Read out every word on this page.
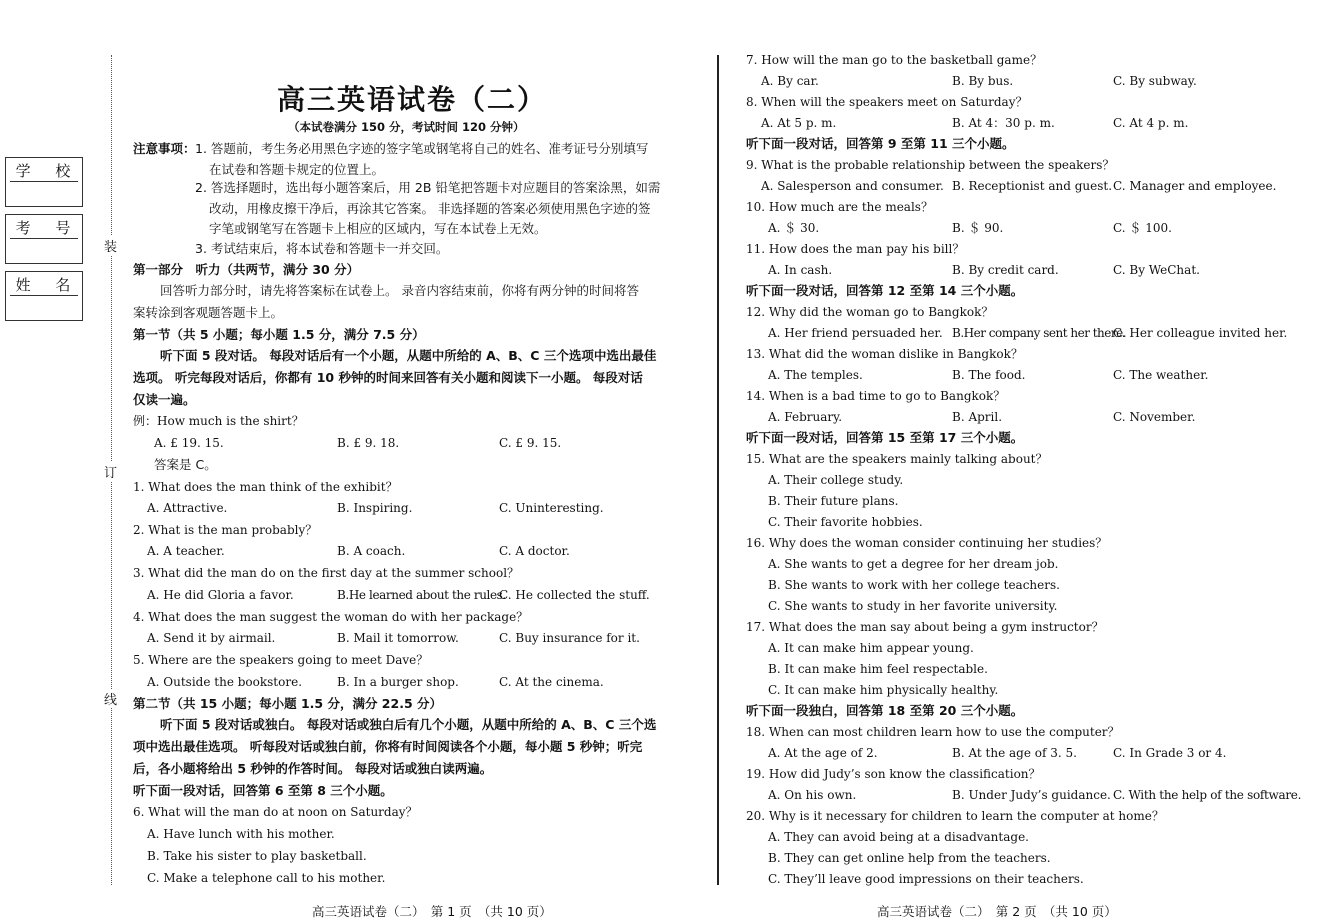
学 校
考 号
姓 名
装
订
线
高三英语试卷（二）
（本试卷满分 150 分，考试时间 120 分钟）
注意事项： 1. 答题前，考生务必用黑色字迹的签字笔或钢笔将自己的姓名、准考证号分别填写
在试卷和答题卡规定的位置上。
2. 答选择题时，选出每小题答案后，用 2B 铅笔把答题卡对应题目的答案涂黑，如需
改动，用橡皮擦干净后，再涂其它答案。 非选择题的答案必须使用黑色字迹的签
字笔或钢笔写在答题卡上相应的区域内，写在本试卷上无效。
3. 考试结束后，将本试卷和答题卡一并交回。
第一部分　听力（共两节，满分 30 分）
回答听力部分时，请先将答案标在试卷上。 录音内容结束前，你将有两分钟的时间将答
案转涂到客观题答题卡上。
第一节（共 5 小题；每小题 1.5 分，满分 7.5 分）
听下面 5 段对话。 每段对话后有一个小题，从题中所给的 A、B、C 三个选项中选出最佳
选项。 听完每段对话后，你都有 10 秒钟的时间来回答有关小题和阅读下一小题。 每段对话
仅读一遍。
例：How much is the shirt？
A. £ 19. 15.	B. £ 9. 18.	C. £ 9. 15.
答案是 C。
1. What does the man think of the exhibit？
A. Attractive.	B. Inspiring.	C. Uninteresting.
2. What is the man probably？
A. A teacher.	B. A coach.	C. A doctor.
3. What did the man do on the first day at the summer school？
A. He did Gloria a favor.	B.He learned about the rules.
C. He collected the stuff.
4. What does the man suggest the woman do with her package？
A. Send it by airmail.	B. Mail it tomorrow.	C. Buy insurance for it.
5. Where are the speakers going to meet Dave？
A. Outside the bookstore.	B. In a burger shop.	C. At the cinema.
第二节（共 15 小题；每小题 1.5 分，满分 22.5 分）
听下面 5 段对话或独白。 每段对话或独白后有几个小题，从题中所给的 A、B、C 三个选
项中选出最佳选项。 听每段对话或独白前，你将有时间阅读各个小题，每小题 5 秒钟；听完
后，各小题将给出 5 秒钟的作答时间。 每段对话或独白读两遍。
听下面一段对话，回答第 6 至第 8 三个小题。
6. What will the man do at noon on Saturday？
A. Have lunch with his mother.
B. Take his sister to play basketball.
C. Make a telephone call to his mother.
7. How will the man go to the basketball game？
A. By car.	B. By bus.	C. By subway.
8. When will the speakers meet on Saturday？
A. At 5 p. m.	B. At 4：30 p. m.	C. At 4 p. m.
听下面一段对话，回答第 9 至第 11 三个小题。
9. What is the probable relationship between the speakers？
A. Salesperson and consumer. B. Receptionist and guest. C. Manager and employee.
10. How much are the meals？
A. ＄ 30.	B. ＄ 90.	C. ＄ 100.
11. How does the man pay his bill？
A. In cash.	B. By credit card.	C. By WeChat.
听下面一段对话，回答第 12 至第 14 三个小题。
12. Why did the woman go to Bangkok？
A. Her friend persuaded her. B.Her company sent her there.
C. Her colleague invited her.
13. What did the woman dislike in Bangkok？
A. The temples.	B. The food.	C. The weather.
14. When is a bad time to go to Bangkok？
A. February.	B. April.	C. November.
听下面一段对话，回答第 15 至第 17 三个小题。
15. What are the speakers mainly talking about？
A. Their college study.
B. Their future plans.
C. Their favorite hobbies.
16. Why does the woman consider continuing her studies？
A. She wants to get a degree for her dream job.
B. She wants to work with her college teachers.
C. She wants to study in her favorite university.
17. What does the man say about being a gym instructor？
A. It can make him appear young.
B. It can make him feel respectable.
C. It can make him physically healthy.
听下面一段独白，回答第 18 至第 20 三个小题。
18. When can most children learn how to use the computer？
A. At the age of 2.	B. At the age of 3. 5.	C. In Grade 3 or 4.
19. How did Judy’s son know the classification？
A. On his own.	B. Under Judy’s guidance. C. With the help of the software.
20. Why is it necessary for children to learn the computer at home？
A. They can avoid being at a disadvantage.
B. They can get online help from the teachers.
C. They’ll leave good impressions on their teachers.
高三英语试卷（二）　第 1 页　（共 10 页）	高三英语试卷（二）　第 2 页　（共 10 页）
